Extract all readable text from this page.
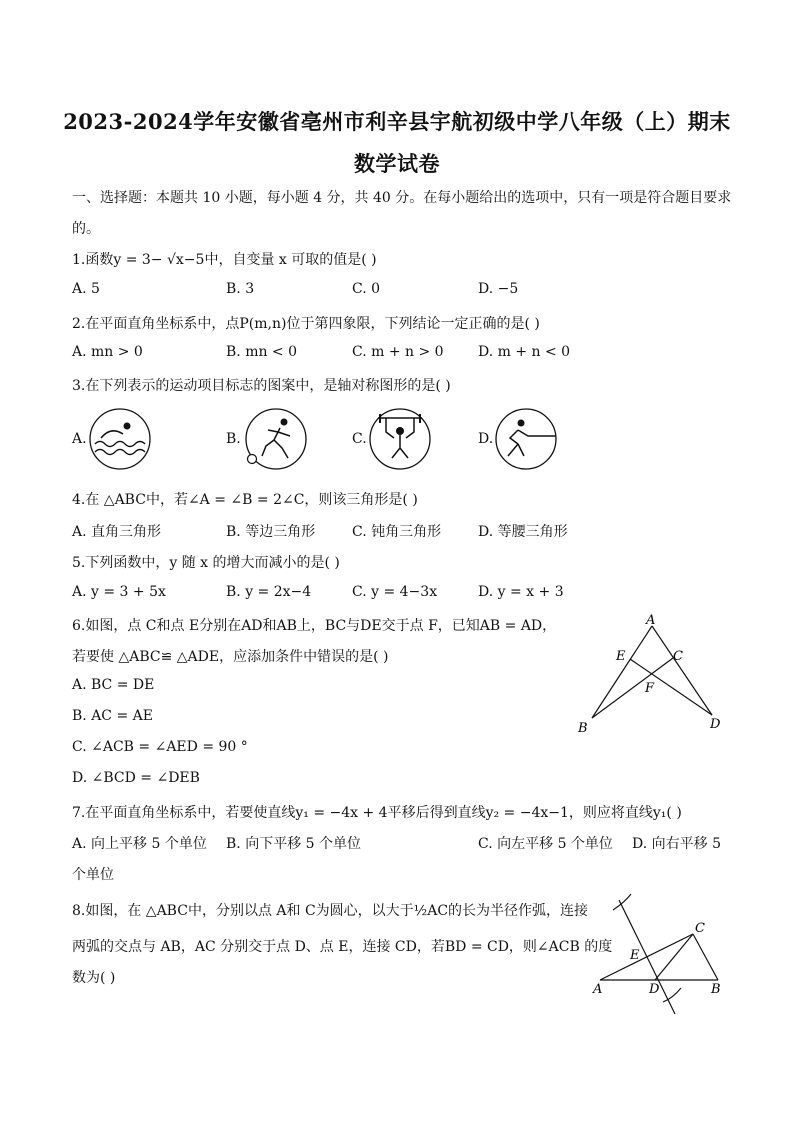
2023-2024学年安徽省亳州市利辛县宇航初级中学八年级（上）期末
数学试卷
一、选择题：本题共 10 小题，每小题 4 分，共 40 分。在每小题给出的选项中，只有一项是符合题目要求
的。
1.函数y = 3− √x−5中，自变量 x 可取的值是( )
A. 5	B. 3	C. 0	D. −5
2.在平面直角坐标系中，点P(m,n)位于第四象限，下列结论一定正确的是( )
A. mn > 0	B. mn < 0	C. m + n > 0 D. m + n < 0
3.在下列表示的运动项目标志的图案中，是轴对称图形的是( )
A.	B.	C.	D.
4.在 △ABC中，若∠A = ∠B = 2∠C，则该三角形是( )
A. 直角三角形	B. 等边三角形	C. 钝角三角形	D. 等腰三角形
5.下列函数中，y 随 x 的增大而减小的是( )
A. y = 3 + 5x	B. y = 2x−4	C. y = 4−3x	D. y = x + 3
6.如图，点 C和点 E分别在AD和AB上，BC与DE交于点 F，已知AB = AD，
若要使 △ABC≌ △ADE，应添加条件中错误的是( )
A. BC = DE
B. AC = AE
C. ∠ACB = ∠AED = 90 °
D. ∠BCD = ∠DEB
A
E	C
F
B	D
7.在平面直角坐标系中，若要使直线y₁ = −4x + 4平移后得到直线y₂ = −4x−1，则应将直线y₁( )
A. 向上平移 5 个单位 B. 向下平移 5 个单位	C. 向左平移 5 个单位 D. 向右平移 5
个单位
8.如图，在 △ABC中，分别以点 A和 C为圆心，以大于½AC的长为半径作弧，连接
两弧的交点与 AB，AC 分别交于点 D、点 E，连接 CD，若BD = CD，则∠ACB 的度
数为( )
C
E
A	D	B
